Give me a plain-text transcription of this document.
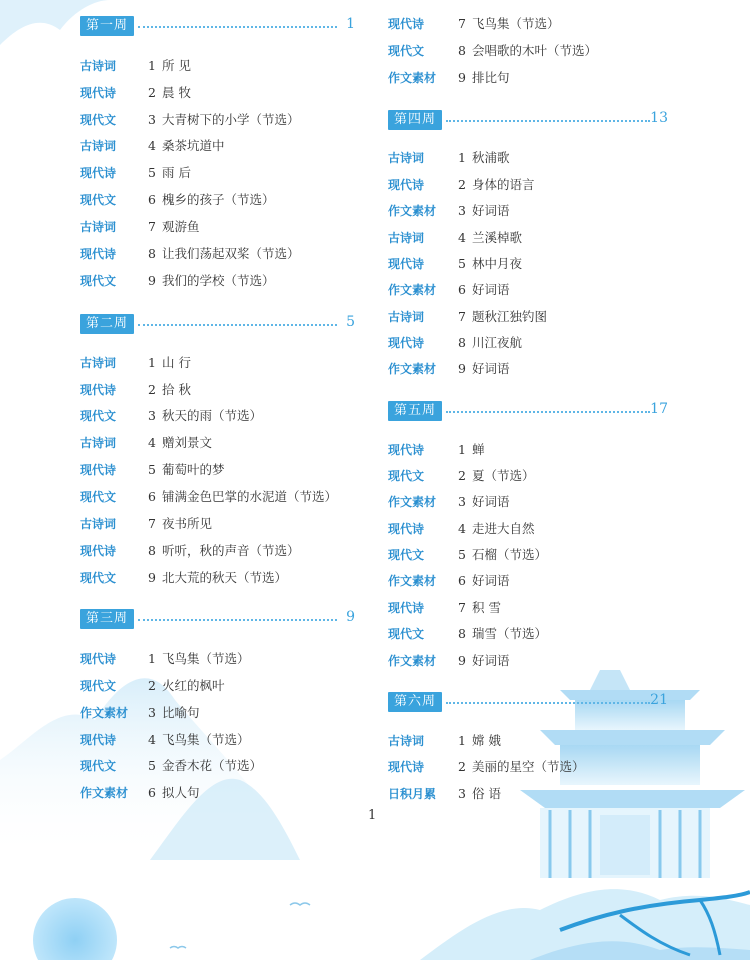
第一周	1
古诗词	1 所 见
现代诗	2 晨 牧
现代文	3 大青树下的小学（节选）
古诗词	4 桑茶坑道中
现代诗	5 雨 后
现代文	6 槐乡的孩子（节选）
古诗词	7 观游鱼
现代诗	8 让我们荡起双桨（节选）
现代文	9 我们的学校（节选）
第二周	5
古诗词	1 山 行
现代诗	2 拾 秋
现代文	3 秋天的雨（节选）
古诗词	4 赠刘景文
现代诗	5 葡萄叶的梦
现代文	6 铺满金色巴掌的水泥道（节选）
古诗词	7 夜书所见
现代诗	8 听听，秋的声音（节选）
现代文	9 北大荒的秋天（节选）
第三周	9
现代诗	1 飞鸟集（节选）
现代文	2 火红的枫叶
作文素材 3 比喻句
现代诗	4 飞鸟集（节选）
现代文	5 金香木花（节选）
作文素材 6 拟人句
现代诗	7 飞鸟集（节选）
现代文	8 会唱歌的木叶（节选）
作文素材 9 排比句
第四周	13
古诗词	1 秋浦歌
现代诗	2 身体的语言
作文素材 3 好词语
古诗词	4 兰溪棹歌
现代诗	5 林中月夜
作文素材 6 好词语
古诗词	7 题秋江独钓图
现代诗	8 川江夜航
作文素材 9 好词语
第五周	17
现代诗	1 蝉
现代文	2 夏（节选）
作文素材 3 好词语
现代诗	4 走进大自然
现代文	5 石榴（节选）
作文素材 6 好词语
现代诗	7 积 雪
现代文	8 瑞雪（节选）
作文素材 9 好词语
第六周	21
古诗词	1 嫦 娥
现代诗	2 美丽的星空（节选）
日积月累 3 俗 语
1
